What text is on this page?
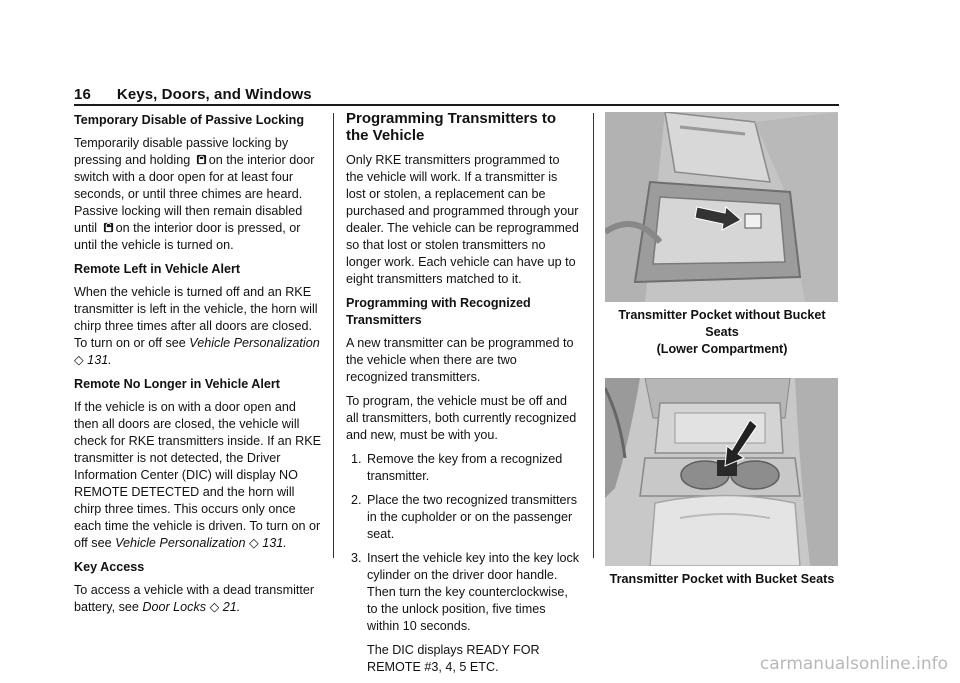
16 Keys, Doors, and Windows
Temporary Disable of Passive Locking

Temporarily disable passive locking by pressing and holding on the interior door switch with a door open for at least four seconds, or until three chimes are heard. Passive locking will then remain disabled until on the interior door is pressed, or until the vehicle is turned on.

Remote Left in Vehicle Alert

When the vehicle is turned off and an RKE transmitter is left in the vehicle, the horn will chirp three times after all doors are closed. To turn on or off see Vehicle Personalization ◇ 131.

Remote No Longer in Vehicle Alert

If the vehicle is on with a door open and then all doors are closed, the vehicle will check for RKE transmitters inside. If an RKE transmitter is not detected, the Driver Information Center (DIC) will display NO REMOTE DETECTED and the horn will chirp three times. This occurs only once each time the vehicle is driven. To turn on or off see Vehicle Personalization ◇ 131.

Key Access

To access a vehicle with a dead transmitter battery, see Door Locks ◇ 21.

Programming Transmitters to the Vehicle

Only RKE transmitters programmed to the vehicle will work. If a transmitter is lost or stolen, a replacement can be purchased and programmed through your dealer. The vehicle can be reprogrammed so that lost or stolen transmitters no longer work. Each vehicle can have up to eight transmitters matched to it.

Programming with Recognized Transmitters

A new transmitter can be programmed to the vehicle when there are two recognized transmitters.

To program, the vehicle must be off and all transmitters, both currently recognized and new, must be with you.

1. Remove the key from a recognized transmitter.
2. Place the two recognized transmitters in the cupholder or on the passenger seat.
3. Insert the vehicle key into the key lock cylinder on the driver door handle. Then turn the key counterclockwise, to the unlock position, five times within 10 seconds.

The DIC displays READY FOR REMOTE #3, 4, 5 ETC.

Transmitter Pocket without Bucket Seats
(Lower Compartment)
Transmitter Pocket with Bucket Seats
carmanualsonline.info
